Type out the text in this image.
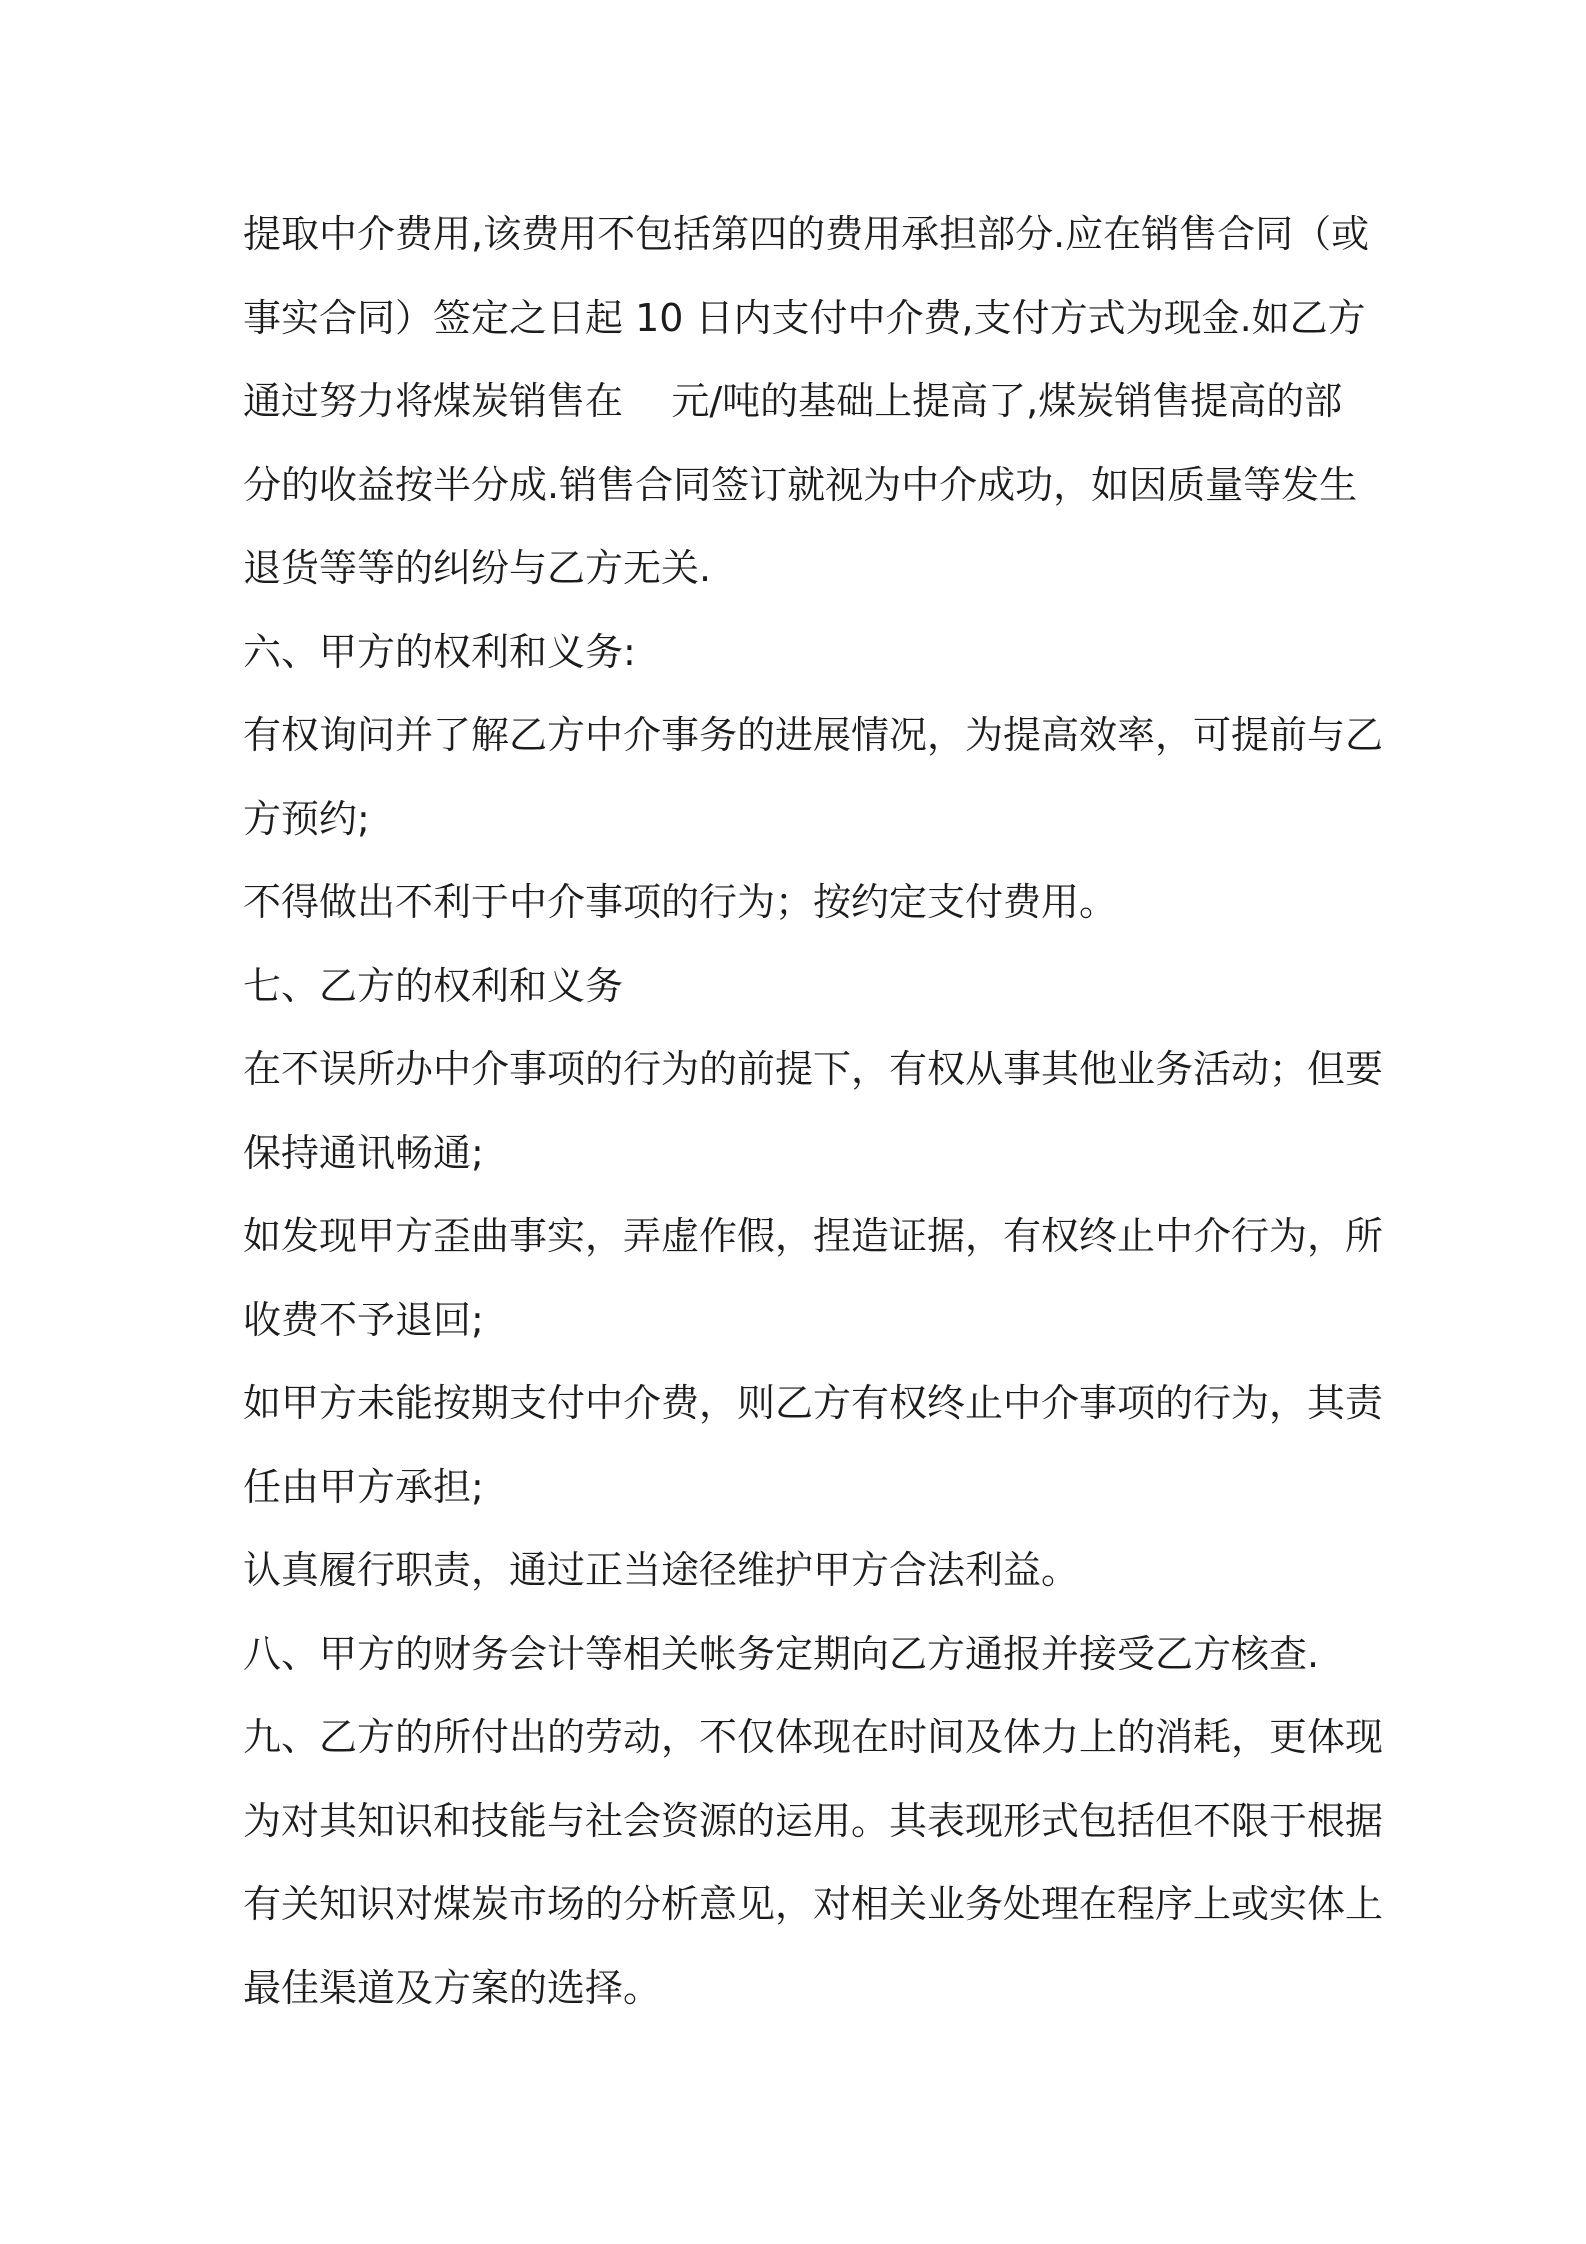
提取中介费用,该费用不包括第四的费用承担部分.应在销售合同（或
事实合同）签定之日起 10 日内支付中介费,支付方式为现金.如乙方
通过努力将煤炭销售在    元/吨的基础上提高了,煤炭销售提高的部
分的收益按半分成.销售合同签订就视为中介成功，如因质量等发生
退货等等的纠纷与乙方无关.
六、甲方的权利和义务:
有权询问并了解乙方中介事务的进展情况，为提高效率，可提前与乙
方预约;
不得做出不利于中介事项的行为；按约定支付费用。
七、乙方的权利和义务
在不误所办中介事项的行为的前提下，有权从事其他业务活动；但要
保持通讯畅通;
如发现甲方歪曲事实，弄虚作假，捏造证据，有权终止中介行为，所
收费不予退回;
如甲方未能按期支付中介费，则乙方有权终止中介事项的行为，其责
任由甲方承担;
认真履行职责，通过正当途径维护甲方合法利益。
八、甲方的财务会计等相关帐务定期向乙方通报并接受乙方核查.
九、乙方的所付出的劳动，不仅体现在时间及体力上的消耗，更体现
为对其知识和技能与社会资源的运用。其表现形式包括但不限于根据
有关知识对煤炭市场的分析意见，对相关业务处理在程序上或实体上
最佳渠道及方案的选择。
